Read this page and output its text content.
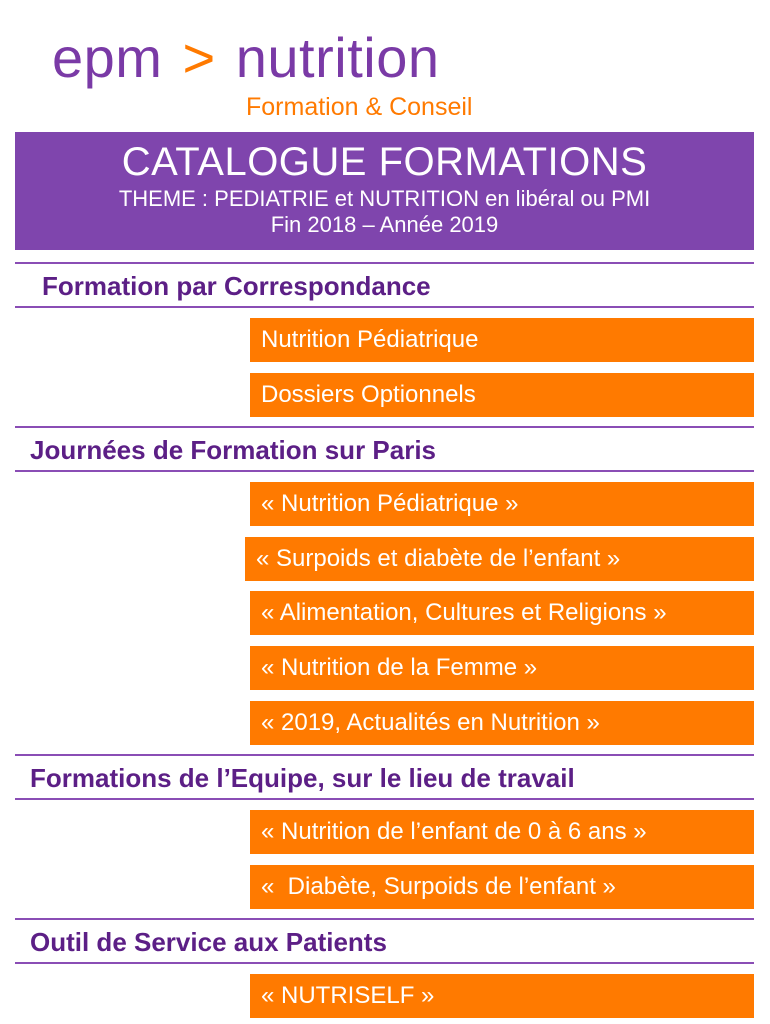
epm > nutrition
Formation & Conseil
CATALOGUE FORMATIONS
THEME : PEDIATRIE et NUTRITION en libéral ou PMI
Fin 2018 – Année 2019
Formation par Correspondance
Nutrition Pédiatrique
Dossiers Optionnels
Journées de Formation sur Paris
« Nutrition Pédiatrique »
« Surpoids et diabète de l’enfant »
« Alimentation, Cultures et Religions »
« Nutrition de la Femme »
« 2019, Actualités en Nutrition »
Formations de l’Equipe, sur le lieu de travail
« Nutrition de l’enfant de 0 à 6 ans »
«  Diabète, Surpoids de l’enfant »
Outil de Service aux Patients
« NUTRISELF »
